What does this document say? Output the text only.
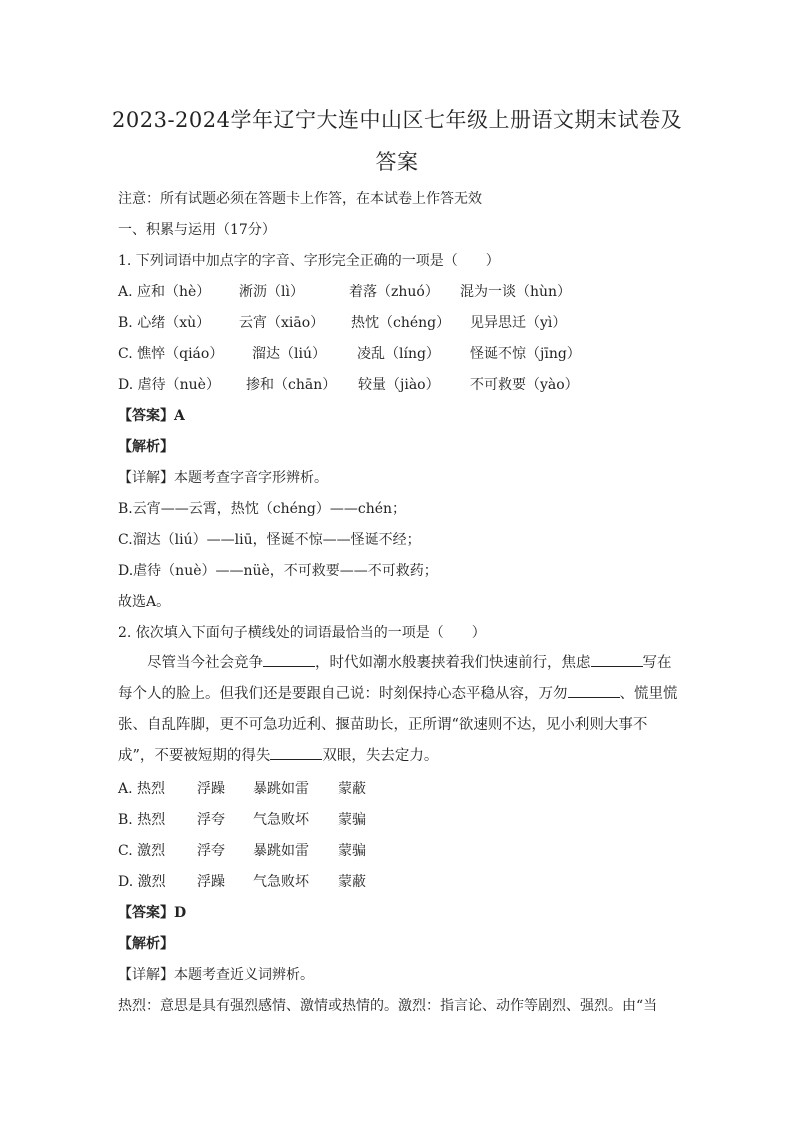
2023-2024学年辽宁大连中山区七年级上册语文期末试卷及
答案
注意：所有试题必须在答题卡上作答，在本试卷上作答无效
一、积累与运用（17分）
1. 下列词语中加点字的字音、字形完全正确的一项是（　　）
A. 应和（hè） 淅沥（lì）	着落（zhuó） 混为一谈（hùn）
B. 心绪（xù） 云宵（xiāo） 热忱（chéng） 见异思迁（yì）
C. 憔悴（qiáo） 溜达（liú） 凌乱（líng） 怪诞不惊（jīng）
D. 虐待（nuè） 掺和（chān） 较量（jiào） 不可救要（yào）
【答案】A
【解析】
【详解】本题考查字音字形辨析。
B.云宵——云霄，热忱（chéng）——chén；
C.溜达（liú）——liū，怪诞不惊——怪诞不经；
D.虐待（nuè）——nüè，不可救要——不可救药；
故选A。
2. 依次填入下面句子横线处的词语最恰当的一项是（　　）
尽管当今社会竞争	，时代如潮水般裹挟着我们快速前行，焦虑	写在每个人的脸上。但我们还是要跟自己说：时刻保持心态平稳从容，万勿	、慌里慌张、自乱阵脚，更不可急功近利、揠苗助长，正所谓“欲速则不达，见小利则大事不成”，不要被短期的得失	双眼，失去定力。
A. 热烈 浮躁 暴跳如雷 蒙蔽
B. 热烈 浮夸 气急败坏 蒙骗
C. 激烈 浮夸 暴跳如雷 蒙骗
D. 激烈 浮躁 气急败坏 蒙蔽
【答案】D
【解析】
【详解】本题考查近义词辨析。
热烈：意思是具有强烈感情、激情或热情的。激烈：指言论、动作等剧烈、强烈。由“当
